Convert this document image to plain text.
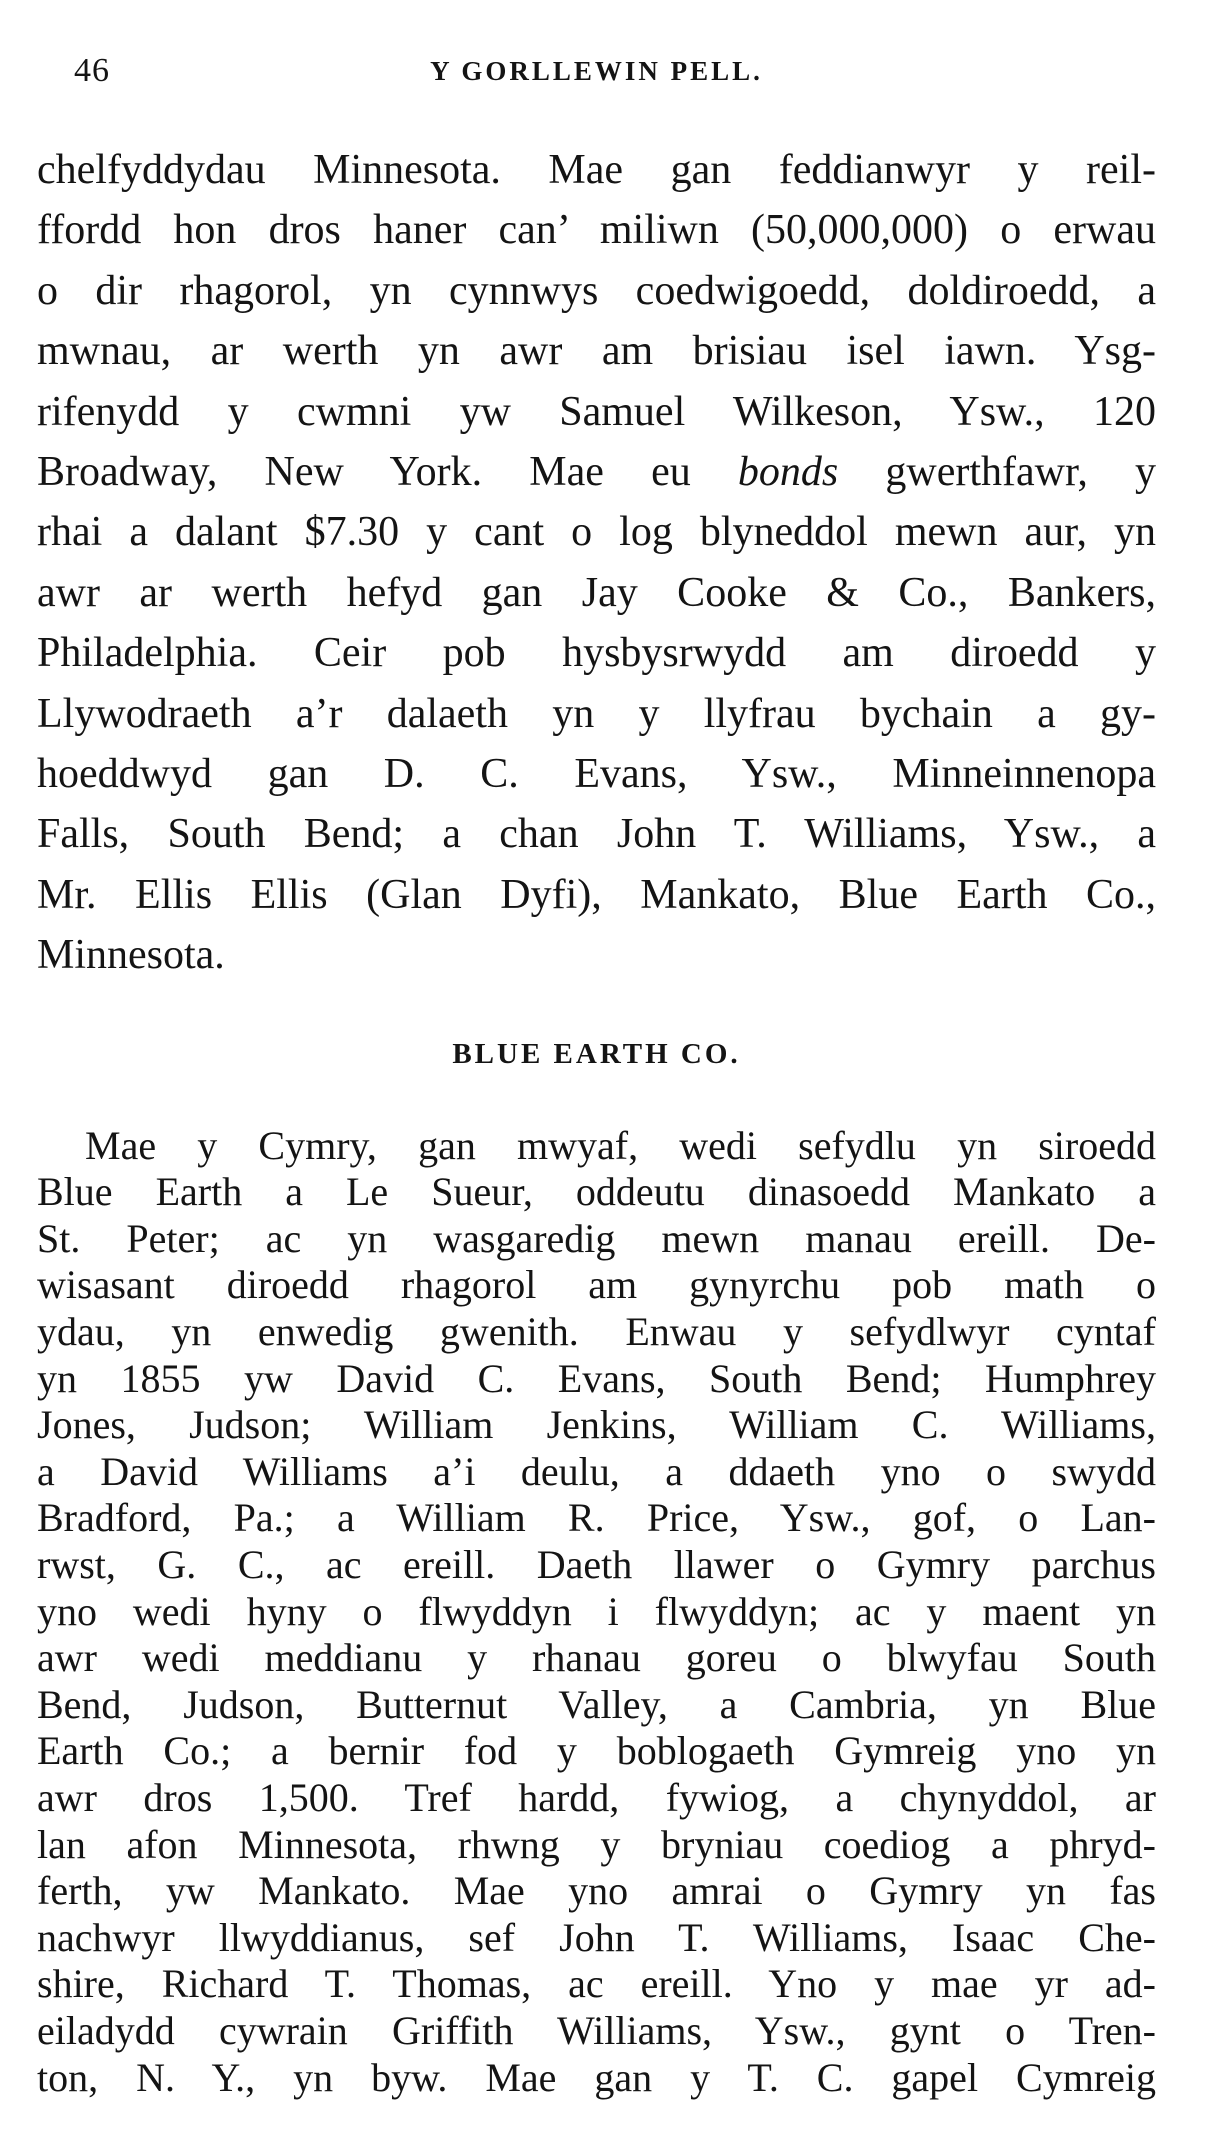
46	Y GORLLEWIN PELL.
chelfyddydau Minnesota. Mae gan feddianwyr y reil-
ffordd hon dros haner can’ miliwn (50,000,000) o erwau
o dir rhagorol, yn cynnwys coedwigoedd, doldiroedd, a
mwnau, ar werth yn awr am brisiau isel iawn. Ysg-
rifenydd y cwmni yw Samuel Wilkeson, Ysw., 120
Broadway, New York. Mae eu bonds gwerthfawr, y
rhai a dalant $7.30 y cant o log blyneddol mewn aur, yn
awr ar werth hefyd gan Jay Cooke & Co., Bankers,
Philadelphia. Ceir pob hysbysrwydd am diroedd y
Llywodraeth a’r dalaeth yn y llyfrau bychain a gy-
hoeddwyd gan D. C. Evans, Ysw., Minneinnenopa
Falls, South Bend; a chan John T. Williams, Ysw., a
Mr. Ellis Ellis (Glan Dyfi), Mankato, Blue Earth Co.,
Minnesota.
BLUE EARTH CO.
Mae y Cymry, gan mwyaf, wedi sefydlu yn siroedd
Blue Earth a Le Sueur, oddeutu dinasoedd Mankato a
St. Peter; ac yn wasgaredig mewn manau ereill. De-
wisasant diroedd rhagorol am gynyrchu pob math o
ydau, yn enwedig gwenith. Enwau y sefydlwyr cyntaf
yn 1855 yw David C. Evans, South Bend; Humphrey
Jones, Judson; William Jenkins, William C. Williams,
a David Williams a’i deulu, a ddaeth yno o swydd
Bradford, Pa.; a William R. Price, Ysw., gof, o Lan-
rwst, G. C., ac ereill. Daeth llawer o Gymry parchus
yno wedi hyny o flwyddyn i flwyddyn; ac y maent yn
awr wedi meddianu y rhanau goreu o blwyfau South
Bend, Judson, Butternut Valley, a Cambria, yn Blue
Earth Co.; a bernir fod y boblogaeth Gymreig yno yn
awr dros 1,500. Tref hardd, fywiog, a chynyddol, ar
lan afon Minnesota, rhwng y bryniau coediog a phryd-
ferth, yw Mankato. Mae yno amrai o Gymry yn fas
nachwyr llwyddianus, sef John T. Williams, Isaac Che-
shire, Richard T. Thomas, ac ereill. Yno y mae yr ad-
eiladydd cywrain Griffith Williams, Ysw., gynt o Tren-
ton, N. Y., yn byw. Mae gan y T. C. gapel Cymreig
